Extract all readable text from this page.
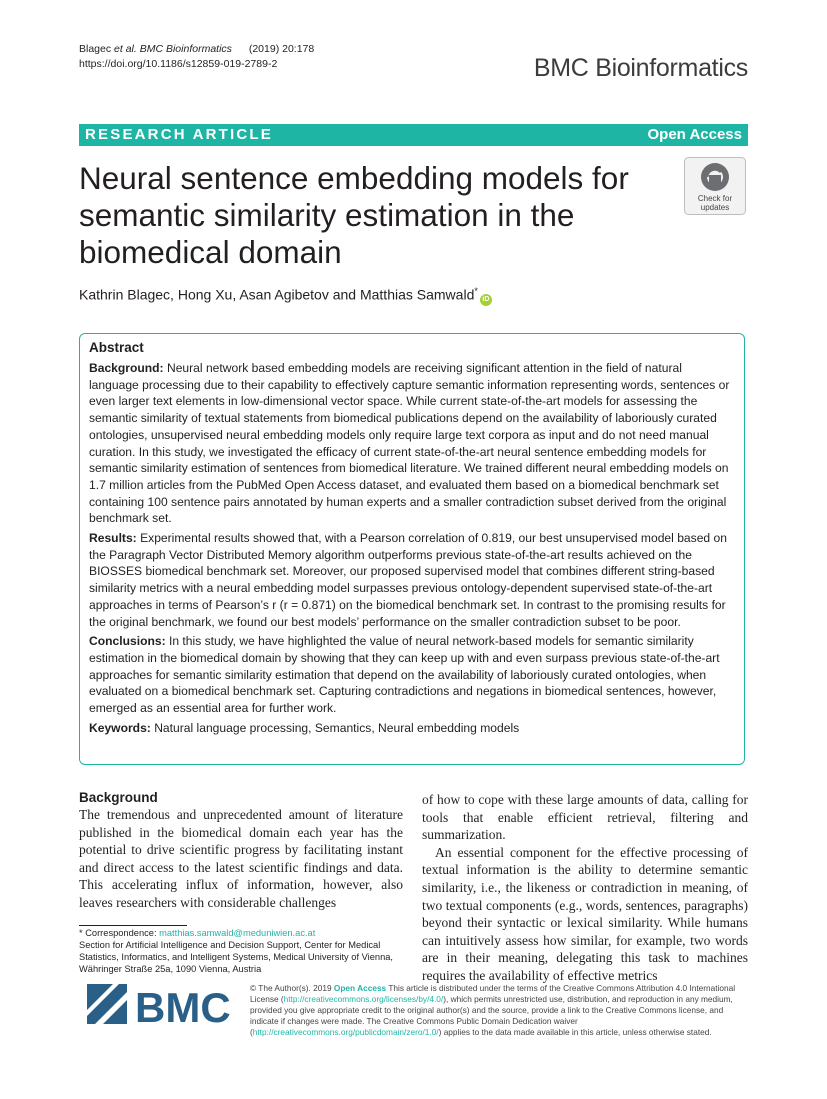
Blagec et al. BMC Bioinformatics (2019) 20:178
https://doi.org/10.1186/s12859-019-2789-2	BMC Bioinformatics
RESEARCH ARTICLE	Open Access
Neural sentence embedding models for semantic similarity estimation in the biomedical domain
Check for
updates
Kathrin Blagec, Hong Xu, Asan Agibetov and Matthias Samwald*iD
Abstract

Background: Neural network based embedding models are receiving significant attention in the field of natural language processing due to their capability to effectively capture semantic information representing words, sentences or even larger text elements in low-dimensional vector space. While current state-of-the-art models for assessing the semantic similarity of textual statements from biomedical publications depend on the availability of laboriously curated ontologies, unsupervised neural embedding models only require large text corpora as input and do not need manual curation. In this study, we investigated the efficacy of current state-of-the-art neural sentence embedding models for semantic similarity estimation of sentences from biomedical literature. We trained different neural embedding models on 1.7 million articles from the PubMed Open Access dataset, and evaluated them based on a biomedical benchmark set containing 100 sentence pairs annotated by human experts and a smaller contradiction subset derived from the original benchmark set.

Results: Experimental results showed that, with a Pearson correlation of 0.819, our best unsupervised model based on the Paragraph Vector Distributed Memory algorithm outperforms previous state-of-the-art results achieved on the BIOSSES biomedical benchmark set. Moreover, our proposed supervised model that combines different string-based similarity metrics with a neural embedding model surpasses previous ontology-dependent supervised state-of-the-art approaches in terms of Pearson’s r (r = 0.871) on the biomedical benchmark set. In contrast to the promising results for the original benchmark, we found our best models’ performance on the smaller contradiction subset to be poor.

Conclusions: In this study, we have highlighted the value of neural network-based models for semantic similarity estimation in the biomedical domain by showing that they can keep up with and even surpass previous state-of-the-art approaches for semantic similarity estimation that depend on the availability of laboriously curated ontologies, when evaluated on a biomedical benchmark set. Capturing contradictions and negations in biomedical sentences, however, emerged as an essential area for further work.

Keywords: Natural language processing, Semantics, Neural embedding models

Background

The tremendous and unprecedented amount of literature published in the biomedical domain each year has the potential to drive scientific progress by facilitating instant and direct access to the latest scientific findings and data. This accelerating influx of information, however, also leaves researchers with considerable challenges

of how to cope with these large amounts of data, calling for tools that enable efficient retrieval, filtering and summarization.

An essential component for the effective processing of textual information is the ability to determine semantic similarity, i.e., the likeness or contradiction in meaning, of two textual components (e.g., words, sentences, paragraphs) beyond their syntactic or lexical similarity. While humans can intuitively assess how similar, for example, two words are in their meaning, delegating this task to machines requires the availability of effective metrics

* Correspondence: matthias.samwald@meduniwien.ac.at
Section for Artificial Intelligence and Decision Support, Center for Medical Statistics, Informatics, and Intelligent Systems, Medical University of Vienna, Währinger Straße 25a, 1090 Vienna, Austria
BMC © The Author(s). 2019 Open Access This article is distributed under the terms of the Creative Commons Attribution 4.0 International License (http://creativecommons.org/licenses/by/4.0/), which permits unrestricted use, distribution, and reproduction in any medium, provided you give appropriate credit to the original author(s) and the source, provide a link to the Creative Commons license, and indicate if changes were made. The Creative Commons Public Domain Dedication waiver (http://creativecommons.org/publicdomain/zero/1.0/) applies to the data made available in this article, unless otherwise stated.
